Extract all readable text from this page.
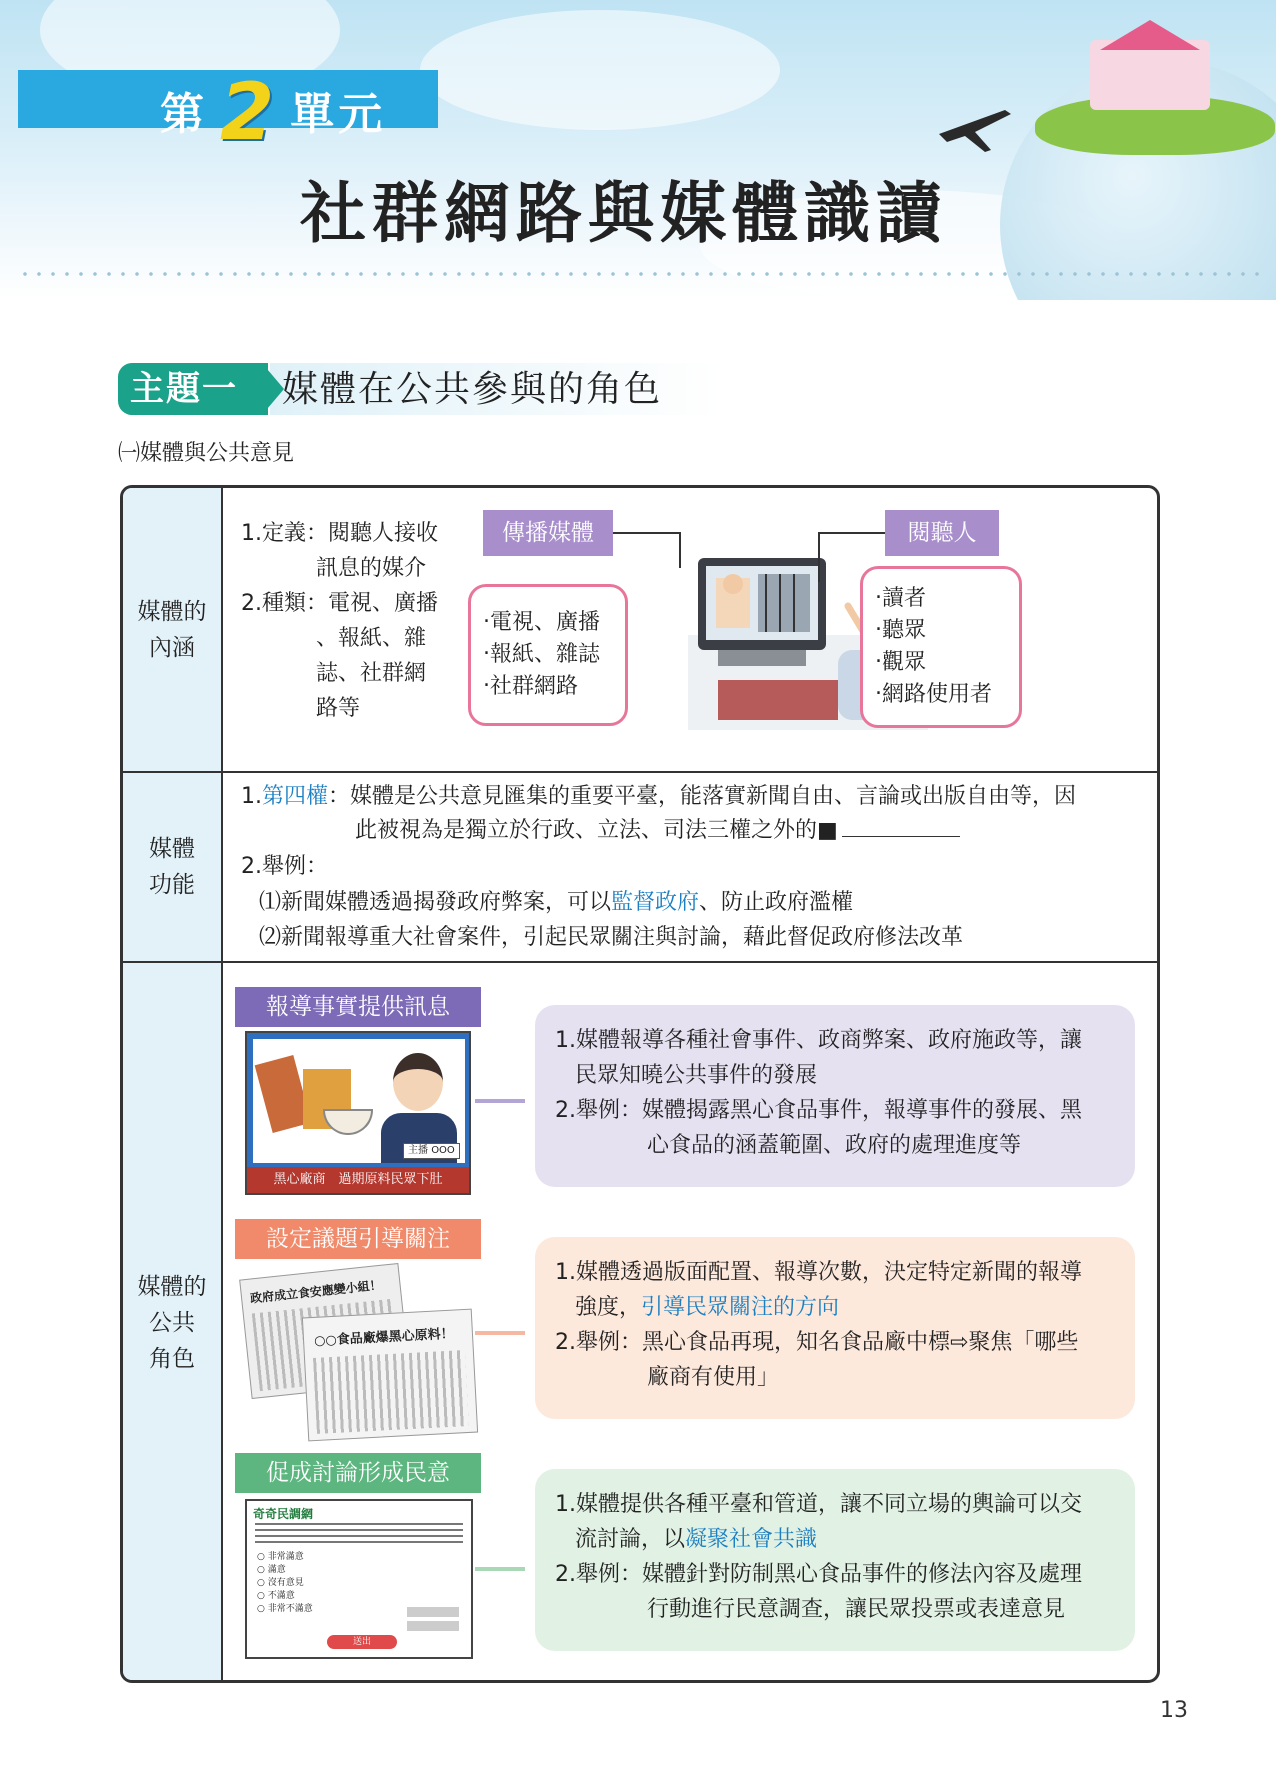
第 2 單元
社群網路與媒體識讀
主題一	媒體在公共參與的角色
㈠媒體與公共意見
媒體的
內涵
1.定義：閱聽人接收
訊息的媒介
2.種類：電視、廣播
、報紙、雜
誌、社群網
路等
‧電視、廣播
‧報紙、雜誌
‧社群網路
傳播媒體
‧讀者
‧聽眾
‧觀眾
‧網路使用者
閱聽人
媒體
功能
1.第四權：媒體是公共意見匯集的重要平臺，能落實新聞自由、言論或出版自由等，因
此被視為是獨立於行政、立法、司法三權之外的■
2.舉例：
⑴新聞媒體透過揭發政府弊案，可以監督政府、防止政府濫權
⑵新聞報導重大社會案件，引起民眾關注與討論，藉此督促政府修法改革
媒體的
公共
角色
報導事實提供訊息
主播 OOO
黑心廠商　過期原料民眾下肚
1.媒體報導各種社會事件、政商弊案、政府施政等，讓
民眾知曉公共事件的發展
2.舉例：媒體揭露黑心食品事件，報導事件的發展、黑
心食品的涵蓋範圍、政府的處理進度等
設定議題引導關注
政府成立食安應變小組！
○○食品廠爆黑心原料！
1.媒體透過版面配置、報導次數，決定特定新聞的報導
強度，引導民眾關注的方向
2.舉例：黑心食品再現，知名食品廠中標⇨聚焦「哪些
廠商有使用」
促成討論形成民意
奇奇民調網
○ 非常滿意
○ 滿意
○ 沒有意見
○ 不滿意
○ 非常不滿意
送出
1.媒體提供各種平臺和管道，讓不同立場的輿論可以交
流討論，以凝聚社會共識
2.舉例：媒體針對防制黑心食品事件的修法內容及處理
行動進行民意調查，讓民眾投票或表達意見
13
